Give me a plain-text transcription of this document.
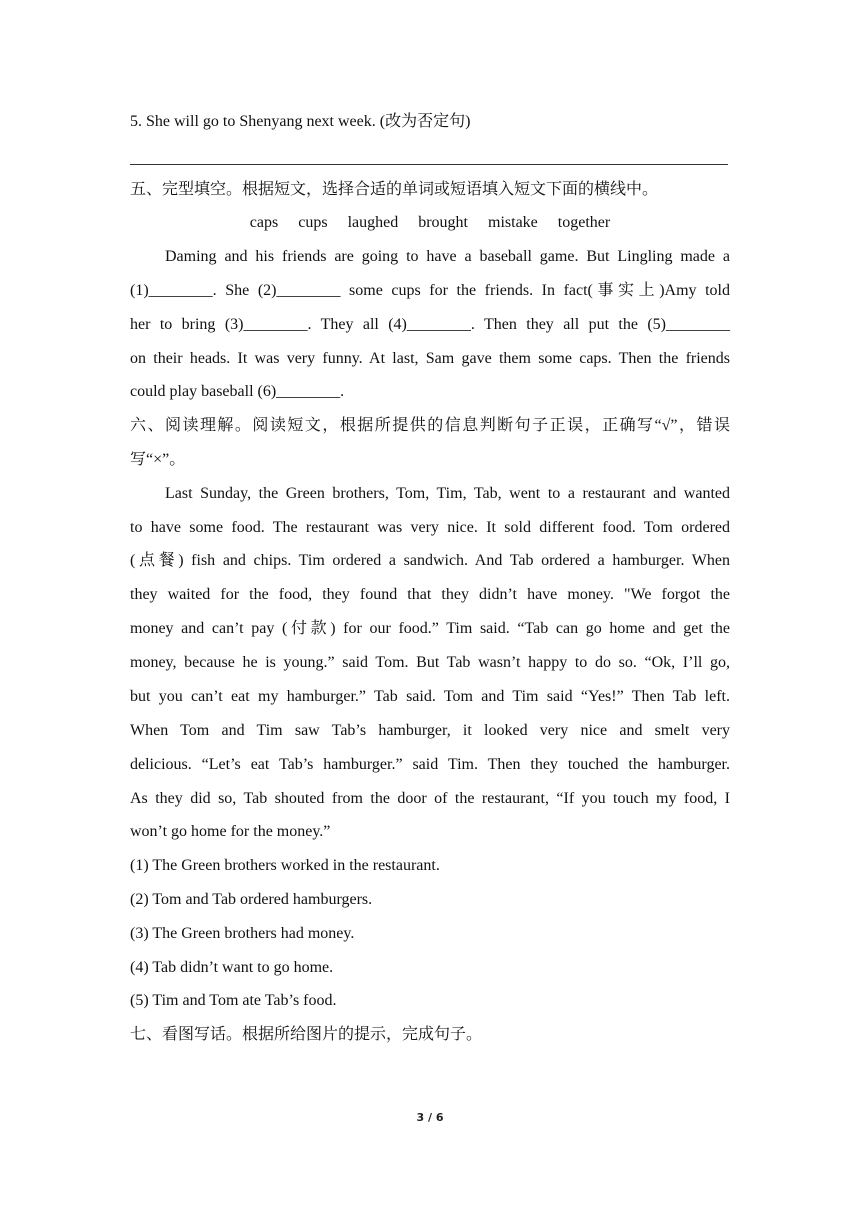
5. She will go to Shenyang next week. (改为否定句)
五、完型填空。根据短文，选择合适的单词或短语填入短文下面的横线中。
caps cups laughed brought mistake together
Daming and his friends are going to have a baseball game. But Lingling made a
(1)________. She (2)________ some cups for the friends. In fact(事实上)Amy told
her to bring (3)________. They all (4)________. Then they all put the (5)________
on their heads. It was very funny. At last, Sam gave them some caps. Then the friends
could play baseball (6)________.
六、阅读理解。阅读短文，根据所提供的信息判断句子正误，正确写“√”，错误
写“×”。
Last Sunday, the Green brothers, Tom, Tim, Tab, went to a restaurant and wanted
to have some food. The restaurant was very nice. It sold different food. Tom ordered
(点餐) fish and chips. Tim ordered a sandwich. And Tab ordered a hamburger. When
they waited for the food, they found that they didn’t have money. "We forgot the
money and can’t pay (付款) for our food.” Tim said. “Tab can go home and get the
money, because he is young.” said Tom. But Tab wasn’t happy to do so. “Ok, I’ll go,
but you can’t eat my hamburger.” Tab said. Tom and Tim said “Yes!” Then Tab left.
When Tom and Tim saw Tab’s hamburger, it looked very nice and smelt very
delicious. “Let’s eat Tab’s hamburger.” said Tim. Then they touched the hamburger.
As they did so, Tab shouted from the door of the restaurant, “If you touch my food, I
won’t go home for the money.”
(1) The Green brothers worked in the restaurant.
(2) Tom and Tab ordered hamburgers.
(3) The Green brothers had money.
(4) Tab didn’t want to go home.
(5) Tim and Tom ate Tab’s food.
七、看图写话。根据所给图片的提示，完成句子。
3 / 6
